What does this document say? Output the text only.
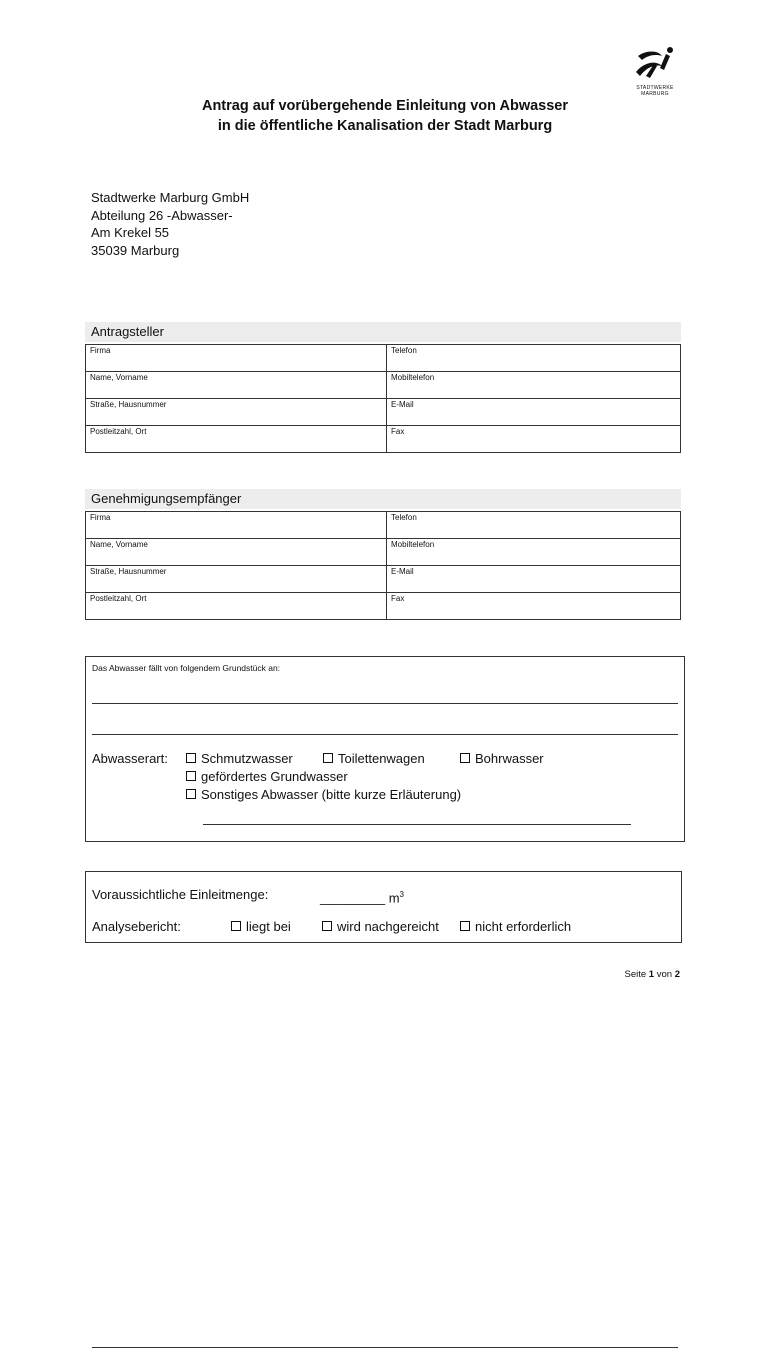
STADTWERKE
MARBURG
Antrag auf vorübergehende Einleitung von Abwasser
in die öffentliche Kanalisation der Stadt Marburg
Stadtwerke Marburg GmbH
Abteilung 26 -Abwasser-
Am Krekel 55
35039 Marburg
Antragsteller
Firma	Telefon
Name, Vorname	Mobiltelefon
Straße, Hausnummer	E-Mail
Postleitzahl, Ort	Fax
Genehmigungsempfänger
Firma	Telefon
Name, Vorname	Mobiltelefon
Straße, Hausnummer	E-Mail
Postleitzahl, Ort	Fax
Das Abwasser fällt von folgendem Grundstück an:
Abwasserart:	Schmutzwasser	Toilettenwagen	Bohrwasser
gefördertes Grundwasser
Sonstiges Abwasser (bitte kurze Erläuterung)
Voraussichtliche Einleitmenge:	_________ $m^3$
Analysebericht:	liegt bei	wird nachgereicht	nicht erforderlich
Seite 1 von 2
